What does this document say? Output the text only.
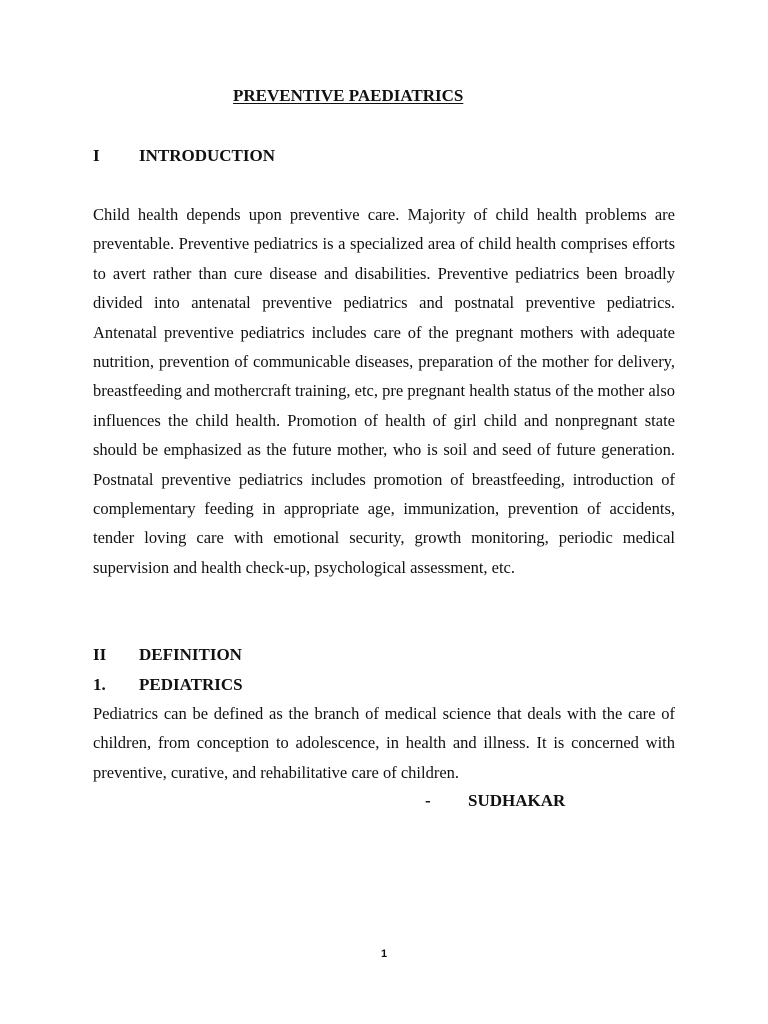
PREVENTIVE PAEDIATRICS
I INTRODUCTION

Child health depends upon preventive care. Majority of child health problems are preventable. Preventive pediatrics is a specialized area of child health comprises efforts to avert rather than cure disease and disabilities. Preventive pediatrics been broadly divided into antenatal preventive pediatrics and postnatal preventive pediatrics. Antenatal preventive pediatrics includes care of the pregnant mothers with adequate nutrition, prevention of communicable diseases, preparation of the mother for delivery, breastfeeding and mothercraft training, etc, pre pregnant health status of the mother also influences the child health. Promotion of health of girl child and nonpregnant state should be emphasized as the future mother, who is soil and seed of future generation. Postnatal preventive pediatrics includes promotion of breastfeeding, introduction of complementary feeding in appropriate age, immunization, prevention of accidents, tender loving care with emotional security, growth monitoring, periodic medical supervision and health check-up, psychological assessment, etc.

II DEFINITION
1. PEDIATRICS

Pediatrics can be defined as the branch of medical science that deals with the care of children, from conception to adolescence, in health and illness. It is concerned with preventive, curative, and rehabilitative care of children.

- SUDHAKAR
1
